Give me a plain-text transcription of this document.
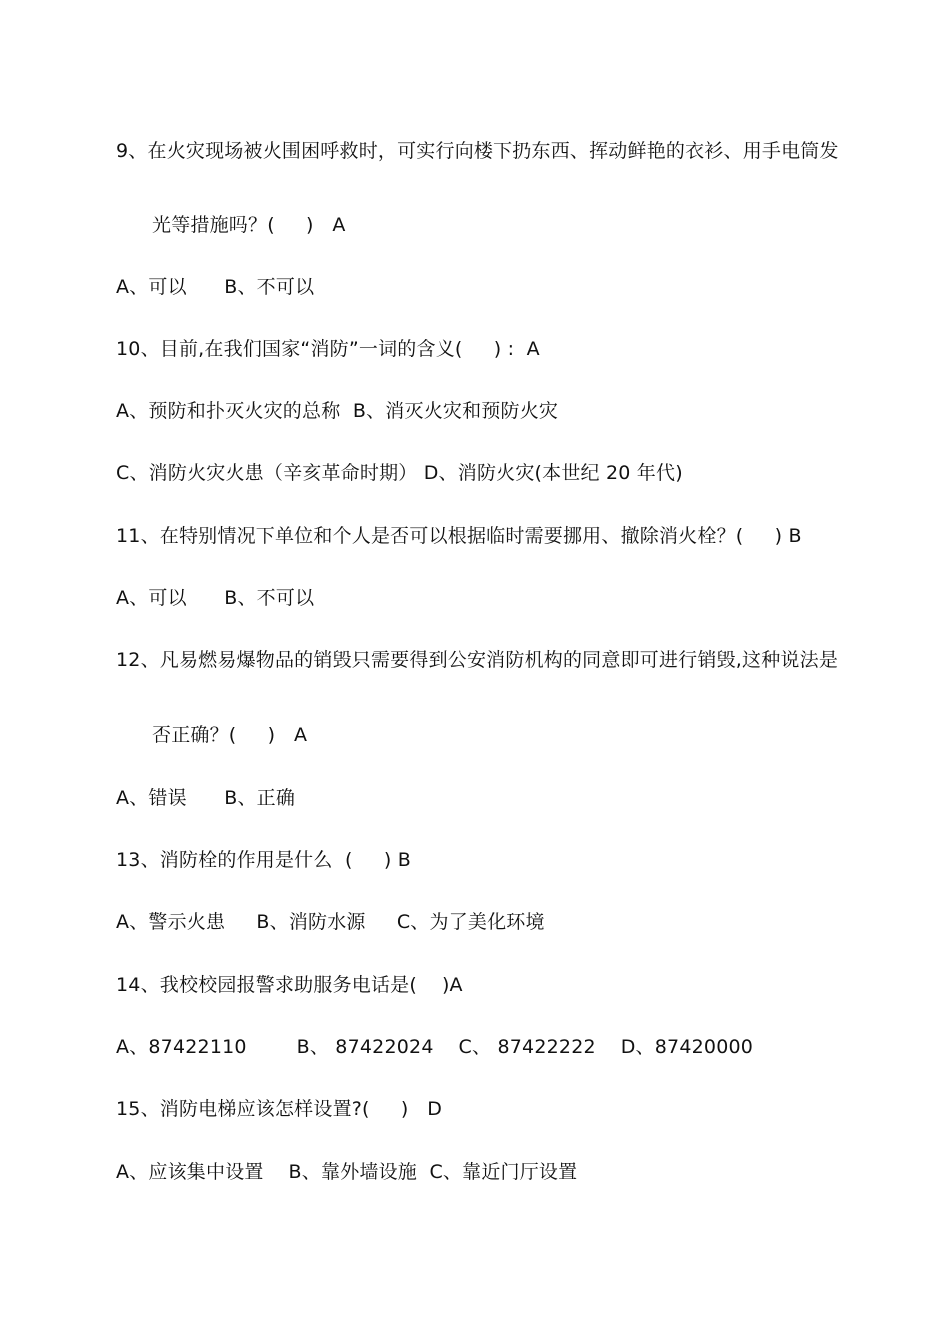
9、在火灾现场被火围困呼救时，可实行向楼下扔东西、挥动鲜艳的衣衫、用手电筒发
光等措施吗？(     )   A
A、可以      B、不可以
10、目前,在我们国家“消防”一词的含义(     ) :  A
A、预防和扑灭火灾的总称  B、消灭火灾和预防火灾
C、消防火灾火患（辛亥革命时期） D、消防火灾(本世纪 20 年代)
11、在特别情况下单位和个人是否可以根据临时需要挪用、撤除消火栓？(     ) B
A、可以      B、不可以
12、凡易燃易爆物品的销毁只需要得到公安消防机构的同意即可进行销毁,这种说法是
否正确？(     )   A
A、错误      B、正确
13、消防栓的作用是什么  (     ) B
A、警示火患     B、消防水源     C、为了美化环境
14、我校校园报警求助服务电话是(    )A
A、87422110        B、 87422024    C、 87422222    D、87420000
15、消防电梯应该怎样设置?(     )   D
A、应该集中设置    B、靠外墙设施  C、靠近门厅设置
